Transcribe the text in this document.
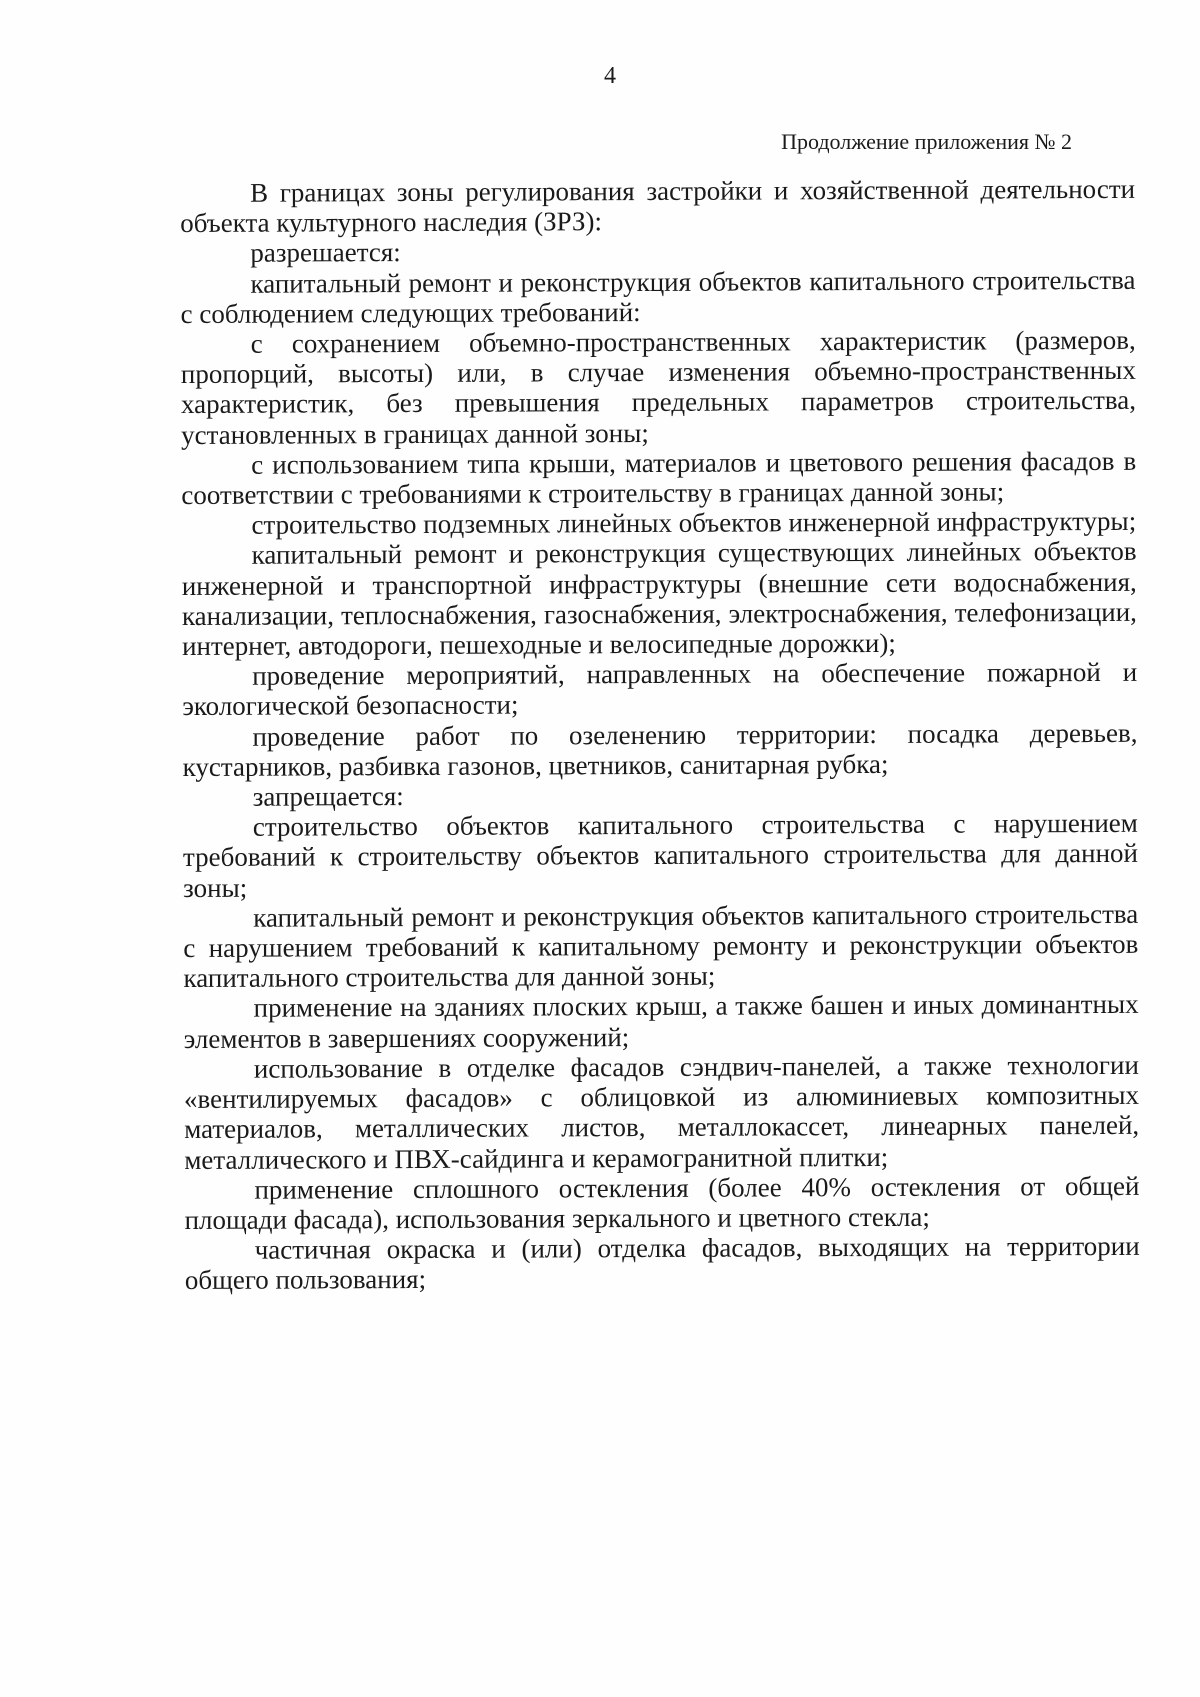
4
Продолжение приложения № 2

В границах зоны регулирования застройки и хозяйственной деятельности объекта культурного наследия (ЗРЗ):

разрешается:

капитальный ремонт и реконструкция объектов капитального строительства с соблюдением следующих требований:

с сохранением объемно-пространственных характеристик (размеров, пропорций, высоты) или, в случае изменения объемно-пространственных характеристик, без превышения предельных параметров строительства, установленных в границах данной зоны;

с использованием типа крыши, материалов и цветового решения фасадов в соответствии с требованиями к строительству в границах данной зоны;

строительство подземных линейных объектов инженерной инфраструктуры;

капитальный ремонт и реконструкция существующих линейных объектов инженерной и транспортной инфраструктуры (внешние сети водоснабжения, канализации, теплоснабжения, газоснабжения, электроснабжения, телефонизации, интернет, автодороги, пешеходные и велосипедные дорожки);

проведение мероприятий, направленных на обеспечение пожарной и экологической безопасности;

проведение работ по озеленению территории: посадка деревьев, кустарников, разбивка газонов, цветников, санитарная рубка;

запрещается:

строительство объектов капитального строительства с нарушением требований к строительству объектов капитального строительства для данной зоны;

капитальный ремонт и реконструкция объектов капитального строительства с нарушением требований к капитальному ремонту и реконструкции объектов капитального строительства для данной зоны;

применение на зданиях плоских крыш, а также башен и иных доминантных элементов в завершениях сооружений;

использование в отделке фасадов сэндвич-панелей, а также технологии «вентилируемых фасадов» с облицовкой из алюминиевых композитных материалов, металлических листов, металлокассет, линеарных панелей, металлического и ПВХ-сайдинга и керамогранитной плитки;

применение сплошного остекления (более 40% остекления от общей площади фасада), использования зеркального и цветного стекла;

частичная окраска и (или) отделка фасадов, выходящих на территории общего пользования;
